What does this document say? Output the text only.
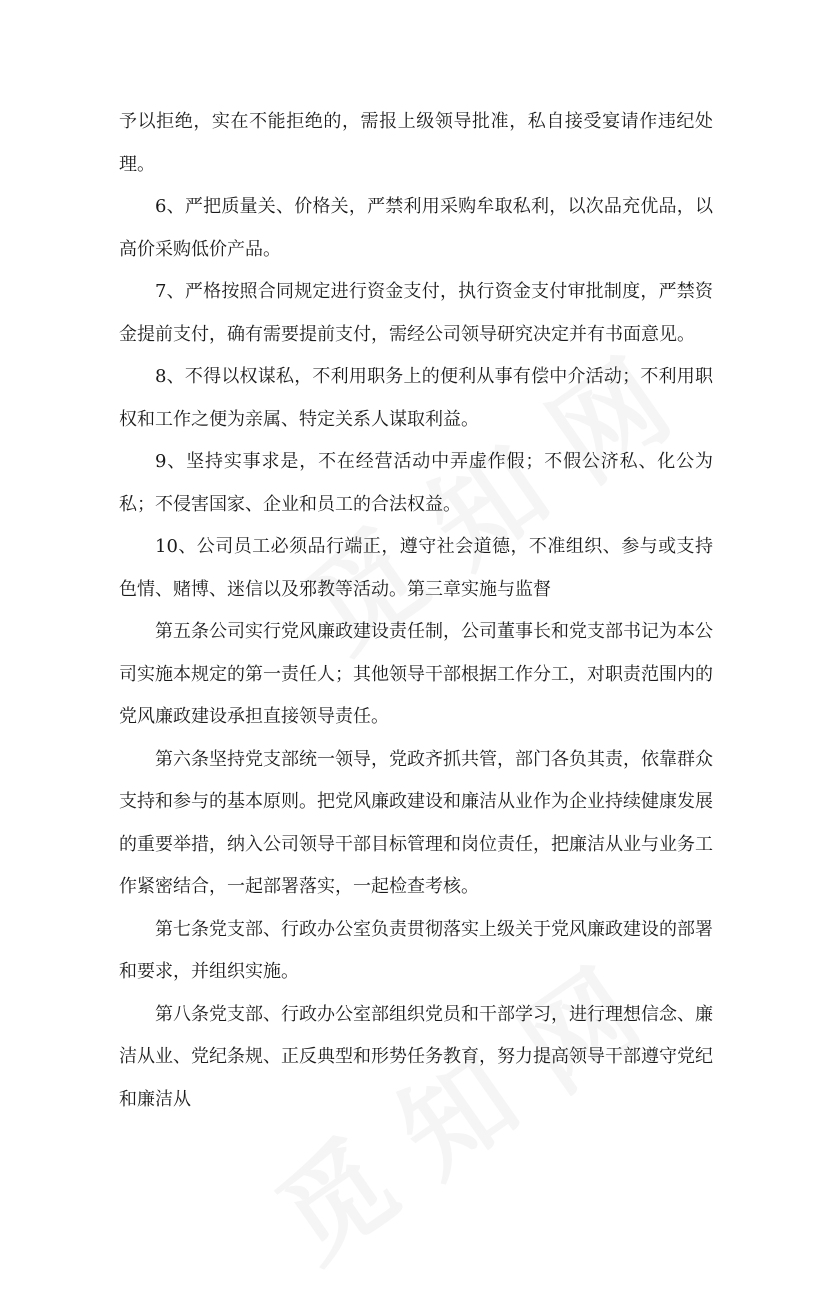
予以拒绝，实在不能拒绝的，需报上级领导批准，私自接受宴请作违纪处理。

6、严把质量关、价格关，严禁利用采购牟取私利，以次品充优品，以高价采购低价产品。

7、严格按照合同规定进行资金支付，执行资金支付审批制度，严禁资金提前支付，确有需要提前支付，需经公司领导研究决定并有书面意见。

8、不得以权谋私，不利用职务上的便利从事有偿中介活动；不利用职权和工作之便为亲属、特定关系人谋取利益。

9、坚持实事求是，不在经营活动中弄虚作假；不假公济私、化公为私；不侵害国家、企业和员工的合法权益。

10、公司员工必须品行端正，遵守社会道德，不准组织、参与或支持色情、赌博、迷信以及邪教等活动。第三章实施与监督

第五条公司实行党风廉政建设责任制，公司董事长和党支部书记为本公司实施本规定的第一责任人；其他领导干部根据工作分工，对职责范围内的党风廉政建设承担直接领导责任。

第六条坚持党支部统一领导，党政齐抓共管，部门各负其责，依靠群众支持和参与的基本原则。把党风廉政建设和廉洁从业作为企业持续健康发展的重要举措，纳入公司领导干部目标管理和岗位责任，把廉洁从业与业务工作紧密结合，一起部署落实，一起检查考核。

第七条党支部、行政办公室负责贯彻落实上级关于党风廉政建设的部署和要求，并组织实施。

第八条党支部、行政办公室部组织党员和干部学习，进行理想信念、廉洁从业、党纪条规、正反典型和形势任务教育，努力提高领导干部遵守党纪和廉洁从
